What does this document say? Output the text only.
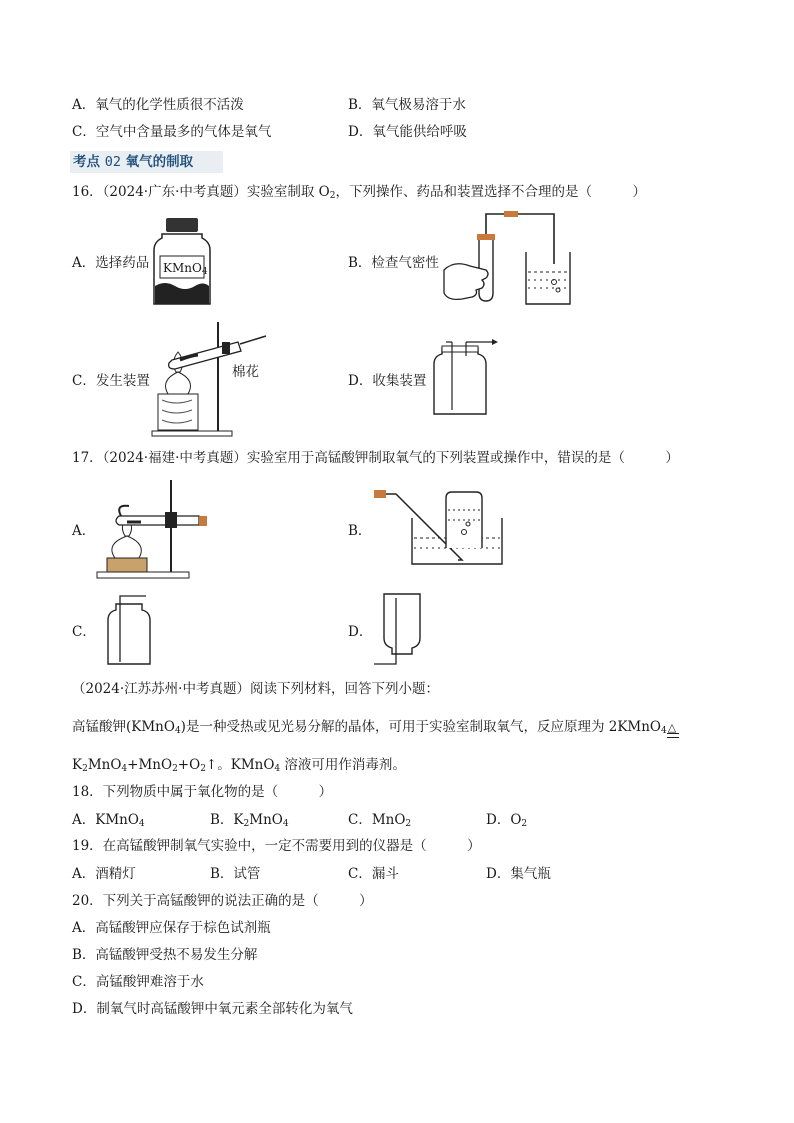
A．氧气的化学性质很不活泼	B．氧气极易溶于水
C．空气中含量最多的气体是氧气	D．氧气能供给呼吸
考点 02 氧气的制取
16．（2024·广东·中考真题）实验室制取 $O_2$，下列操作、药品和装置选择不合理的是（　　　）
A．选择药品 KMnO$_4$
B．检查气密性
C．发生装置
棉花
D．收集装置
17．（2024·福建·中考真题）实验室用于高锰酸钾制取氧气的下列装置或操作中，错误的是（　　　）
A．	B．
C．	D．
（2024·江苏苏州·中考真题）阅读下列材料，回答下列小题：
高锰酸钾(KMnO$_4$)是一种受热或见光易分解的晶体，可用于实验室制取氧气，反应原理为 2KMnO$_4$ △
$K_2MnO_4+MnO_2+O_2↑$。KMnO$_4$ 溶液可用作消毒剂。
18．下列物质中属于氧化物的是（　　　）
A．KMnO$_4$	B．$K_2MnO_4$	C．MnO$_2$	D．$O_2$
19．在高锰酸钾制氧气实验中，一定不需要用到的仪器是（　　　）
A．酒精灯	B．试管	C．漏斗	D．集气瓶
20．下列关于高锰酸钾的说法正确的是（　　　）
A．高锰酸钾应保存于棕色试剂瓶
B．高锰酸钾受热不易发生分解
C．高锰酸钾难溶于水
D．制氧气时高锰酸钾中氧元素全部转化为氧气
